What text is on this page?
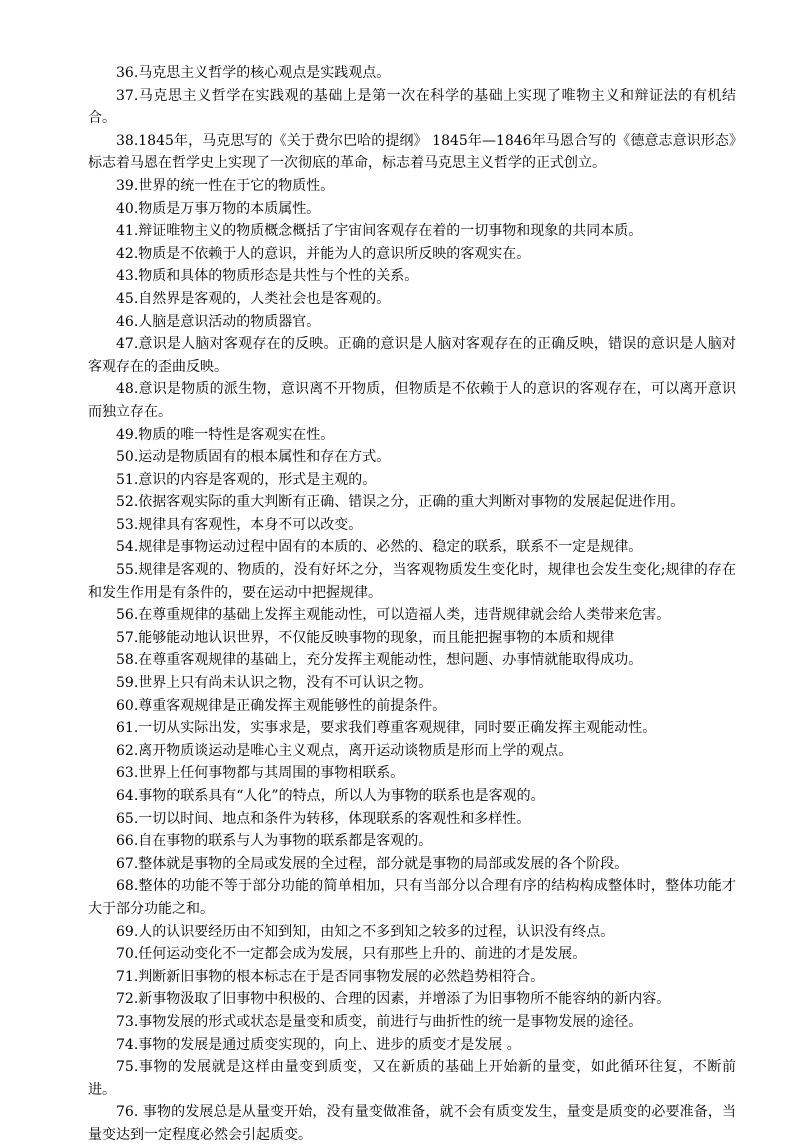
36.马克思主义哲学的核心观点是实践观点。

37.马克思主义哲学在实践观的基础上是第一次在科学的基础上实现了唯物主义和辩证法的有机结合。

38.1845年，马克思写的《关于费尔巴哈的提纲》 1845年—1846年马恩合写的《德意志意识形态》标志着马恩在哲学史上实现了一次彻底的革命，标志着马克思主义哲学的正式创立。

39.世界的统一性在于它的物质性。

40.物质是万事万物的本质属性。

41.辩证唯物主义的物质概念概括了宇宙间客观存在着的一切事物和现象的共同本质。

42.物质是不依赖于人的意识，并能为人的意识所反映的客观实在。

43.物质和具体的物质形态是共性与个性的关系。

45.自然界是客观的，人类社会也是客观的。

46.人脑是意识活动的物质器官。

47.意识是人脑对客观存在的反映。正确的意识是人脑对客观存在的正确反映，错误的意识是人脑对客观存在的歪曲反映。

48.意识是物质的派生物，意识离不开物质，但物质是不依赖于人的意识的客观存在，可以离开意识而独立存在。

49.物质的唯一特性是客观实在性。

50.运动是物质固有的根本属性和存在方式。

51.意识的内容是客观的，形式是主观的。

52.依据客观实际的重大判断有正确、错误之分，正确的重大判断对事物的发展起促进作用。

53.规律具有客观性，本身不可以改变。

54.规律是事物运动过程中固有的本质的、必然的、稳定的联系，联系不一定是规律。

55.规律是客观的、物质的，没有好坏之分，当客观物质发生变化时，规律也会发生变化;规律的存在和发生作用是有条件的，要在运动中把握规律。

56.在尊重规律的基础上发挥主观能动性，可以造福人类，违背规律就会给人类带来危害。

57.能够能动地认识世界，不仅能反映事物的现象，而且能把握事物的本质和规律

58.在尊重客观规律的基础上，充分发挥主观能动性，想问题、办事情就能取得成功。

59.世界上只有尚未认识之物，没有不可认识之物。

60.尊重客观规律是正确发挥主观能够性的前提条件。

61.一切从实际出发，实事求是，要求我们尊重客观规律，同时要正确发挥主观能动性。

62.离开物质谈运动是唯心主义观点，离开运动谈物质是形而上学的观点。

63.世界上任何事物都与其周围的事物相联系。

64.事物的联系具有“人化”的特点，所以人为事物的联系也是客观的。

65.一切以时间、地点和条件为转移，体现联系的客观性和多样性。

66.自在事物的联系与人为事物的联系都是客观的。

67.整体就是事物的全局或发展的全过程，部分就是事物的局部或发展的各个阶段。

68.整体的功能不等于部分功能的简单相加，只有当部分以合理有序的结构构成整体时，整体功能才大于部分功能之和。

69.人的认识要经历由不知到知，由知之不多到知之较多的过程，认识没有终点。

70.任何运动变化不一定都会成为发展，只有那些上升的、前进的才是发展。

71.判断新旧事物的根本标志在于是否同事物发展的必然趋势相符合。

72.新事物汲取了旧事物中积极的、合理的因素，并增添了为旧事物所不能容纳的新内容。

73.事物发展的形式或状态是量变和质变，前进行与曲折性的统一是事物发展的途径。

74.事物的发展是通过质变实现的，向上、进步的质变才是发展 。

75.事物的发展就是这样由量变到质变，又在新质的基础上开始新的量变，如此循环往复，不断前进。

76. 事物的发展总是从量变开始，没有量变做准备，就不会有质变发生，量变是质变的必要准备，当量变达到一定程度必然会引起质变。
